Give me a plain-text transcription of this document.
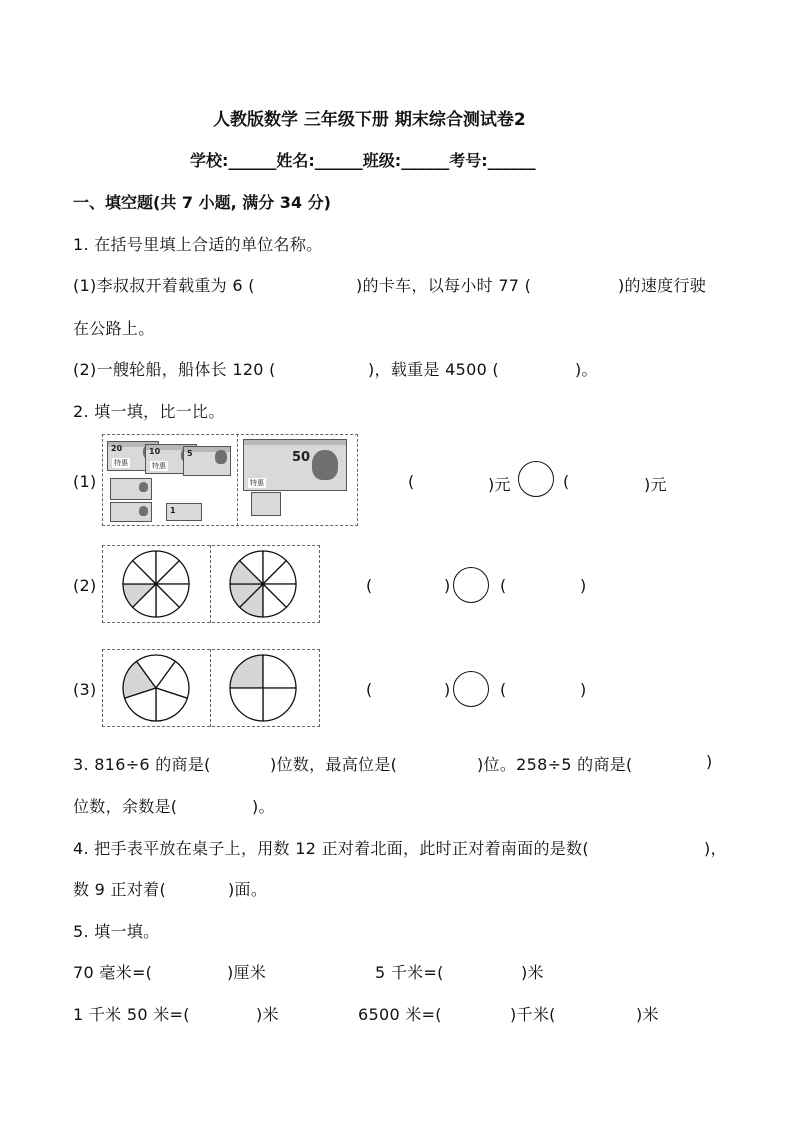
人教版数学 三年级下册 期末综合测试卷2
学校:______姓名:______班级:______考号:______
一、填空题(共 7 小题, 满分 34 分)
1. 在括号里填上合适的单位名称。
(1)李叔叔开着载重为 6 (	)的卡车，以每小时 77 (	)的速度行驶
在公路上。
(2)一艘轮船，船体长 120 (	)，载重是 4500 (	)。
2. 填一填，比一比。
(1)
20
特惠
10
特惠
5
1
50
特惠	(	)元	(	)元
(2)	(	)	(	)
(3)	(	)	(	)
3. 816÷6 的商是(	)位数，最高位是(	)位。258÷5 的商是(	)
位数，余数是(	)。
4. 把手表平放在桌子上，用数 12 正对着北面，此时正对着南面的是数(	)，
数 9 正对着(	)面。
5. 填一填。
70 毫米=(	)厘米	5 千米=(	)米
1 千米 50 米=(	)米	6500 米=(	)千米(	)米
